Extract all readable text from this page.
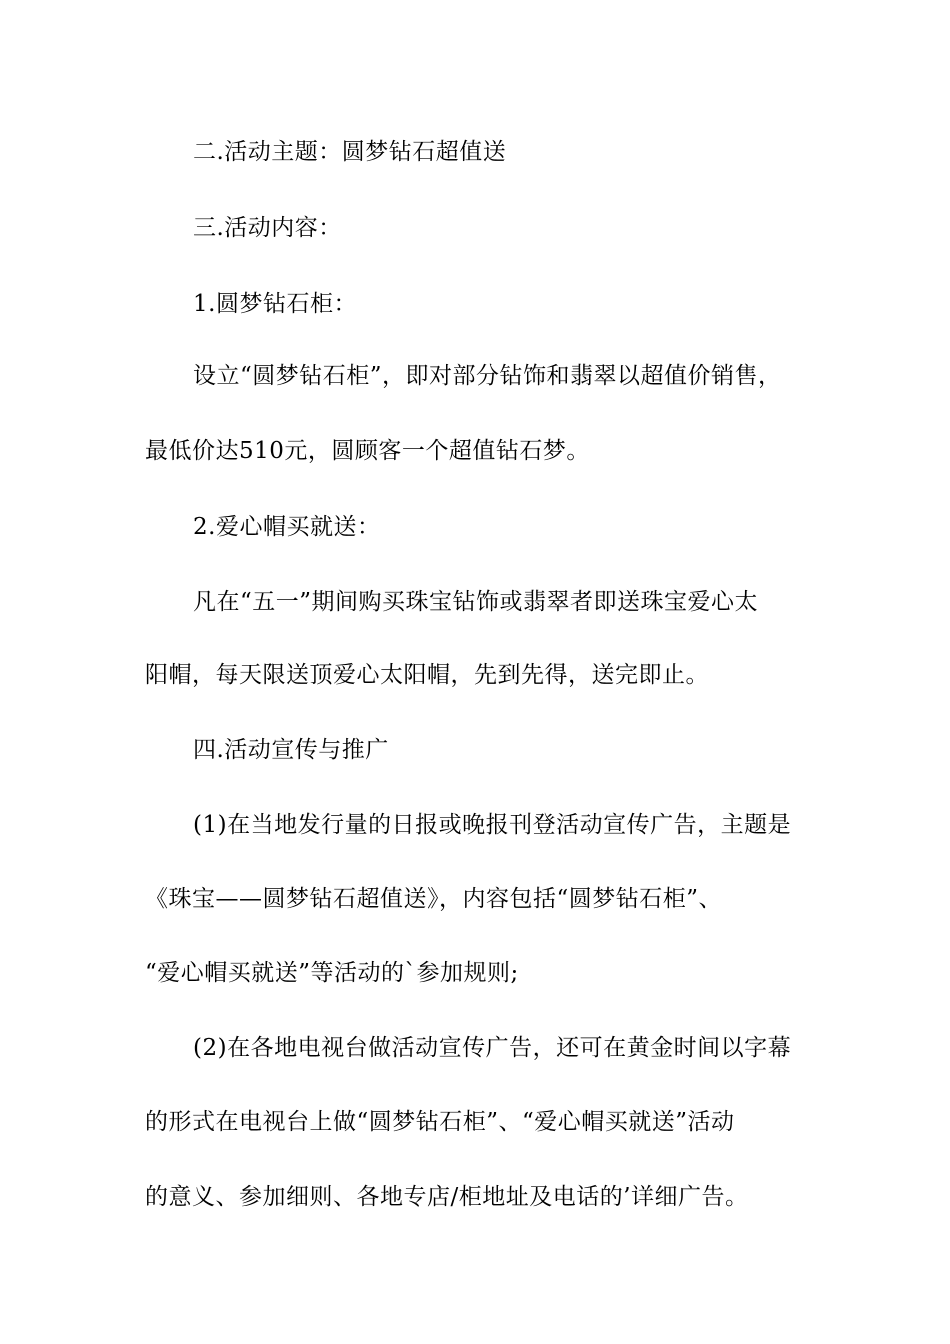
二.活动主题：圆梦钻石超值送
三.活动内容：
1.圆梦钻石柜：
设立“圆梦钻石柜”，即对部分钻饰和翡翠以超值价销售，
最低价达510元，圆顾客一个超值钻石梦。
2.爱心帽买就送：
凡在“五一”期间购买珠宝钻饰或翡翠者即送珠宝爱心太
阳帽，每天限送顶爱心太阳帽，先到先得，送完即止。
四.活动宣传与推广
(1)在当地发行量的日报或晚报刊登活动宣传广告，主题是
《珠宝——圆梦钻石超值送》，内容包括“圆梦钻石柜”、
“爱心帽买就送”等活动的`参加规则;
(2)在各地电视台做活动宣传广告，还可在黄金时间以字幕
的形式在电视台上做“圆梦钻石柜”、“爱心帽买就送”活动
的意义、参加细则、各地专店/柜地址及电话的’详细广告。
